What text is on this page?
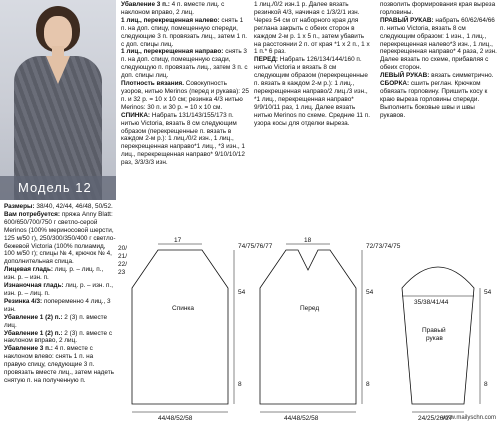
Модель 12

Размеры: 38/40, 42/44, 46/48, 50/52.

Вам потребуется: пряжа Anny Blatt: 600/650/700/750 г светло-серой Merinos (100% мериносовой шерсти, 125 м/50 г), 250/300/350/400 г светло-бежевой Victoria (100% полиамид, 100 м/50 г); спицы № 4, крючок № 4, дополнительная спица.

Лицевая гладь: лиц. р. – лиц. п., изн. р. – изн. п.

Изнаночная гладь: лиц. р. – изн. п., изн. р. – лиц. п.

Резинка 4/3: попеременно 4 лиц., 3 изн.

Убавление 1 (2) п.: 2 (3) п. вместе лиц.

Убавление 1 (2) п.: 2 (3) п. вместе с наклоном вправо, 2 лиц.

Убавление 3 п.: 4 п. вместе с наклоном влево: снять 1 п. на правую спицу, следующие 3 п. провязать вместе лиц., затем надеть снятую п. на полученную п.

Убавление 3 п.: 4 п. вместе лиц. с наклоном вправо, 2 лиц.

1 лиц., перекрещенная налево: снять 1 п. на доп. спицу, помещенную спереди, следующие 3 п. провязать лиц., затем 1 п. с доп. спицы лиц.

1 лиц., перекрещенная направо: снять 3 п. на доп. спицу, помещенную сзади, следующую п. провязать лиц., затем 3 п. с доп. спицы лиц.

Плотность вязания. Совокупность узоров, нитью Merinos (перед и рукава): 25 п. и 32 р. = 10 х 10 см; резинка 4/3 нитью Merinos: 30 п. и 30 р. = 10 х 10 см.

СПИНКА: Набрать 131/143/155/173 п. нитью Victoria, вязать 8 см следующим образом (перекрещенные п. вязать в каждом 2-м р.): 1 лиц./0/2 изн., 1 лиц., перекрещенная направо*1 лиц., *3 изн., 1 лиц., перекрещенная направо* 9/10/10/12 раз, 3/3/3/3 изн.

1 лиц./0/2 изн.1 р. Далее вязать резинкой 4/3, начиная с 1/3/2/1 изн. Через 54 см от наборного края для реглана закрыть с обеих сторон в каждом 2-м р. 1 х 5 п., затем убавить на расстоянии 2 п. от края *1 х 2 п., 1 х 1 п.* 6 раз.

ПЕРЕД: Набрать 126/134/144/160 п. нитью Victoria и вязать 8 см следующим образом (перекрещенные п. вязать в каждом 2-м р.): 1 лиц., перекрещенная направо/2 лиц./3 изн., *1 лиц., перекрещенная направо* 9/9/10/11 раз, 1 лиц. Далее вязать нитью Merinos по схеме. Средние 11 п. узора косы для отделки выреза.

позволить формирования края выреза горловины.

ПРАВЫЙ РУКАВ: набрать 60/62/64/66 п. нитью Victoria, вязать 8 см следующим образом: 1 изн., 1 лиц., перекрещенная налево*3 изн., 1 лиц., перекрещенная направо* 4 раза, 2 изн. Далее вязать по схеме, прибавляя с обеих сторон.

ЛЕВЫЙ РУКАВ: вязать симметрично.

СБОРКА: сшить реглан. Крючком обвязать горловину. Пришить косу к краю выреза горловины спереди. Выполнить боковые швы и швы рукавов.

17
Спинка
44/48/52/58
20/
21/
22/
23
74/75/76/77
54
8
18
Перед
44/48/52/58
72/73/74/75
54
8
35/38/41/44
Правый
рукав
24/25/26/27
54
8
www.mailyschn.com
